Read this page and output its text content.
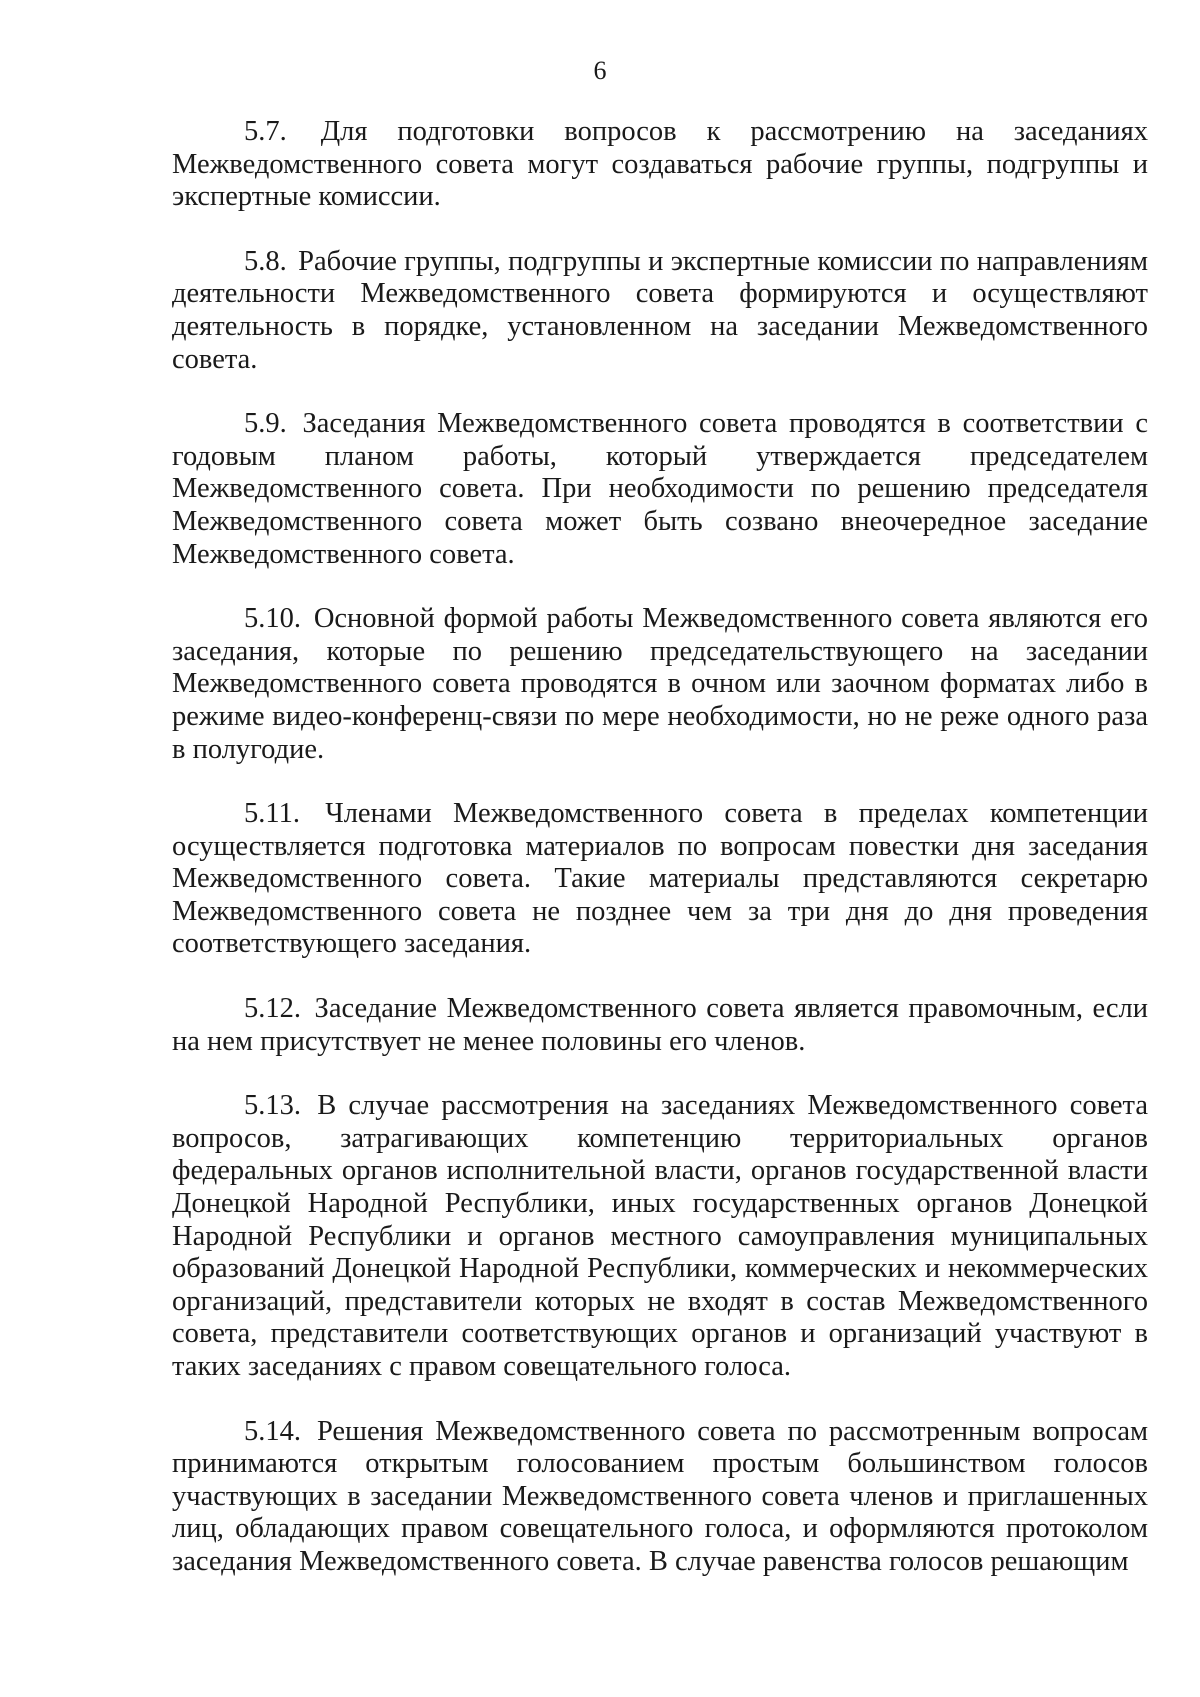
6

5.7. Для подготовки вопросов к рассмотрению на заседаниях Межведомственного совета могут создаваться рабочие группы, подгруппы и экспертные комиссии.

5.8. Рабочие группы, подгруппы и экспертные комиссии по направлениям деятельности Межведомственного совета формируются и осуществляют деятельность в порядке, установленном на заседании Межведомственного совета.

5.9. Заседания Межведомственного совета проводятся в соответствии с годовым планом работы, который утверждается председателем Межведомственного совета. При необходимости по решению председателя Межведомственного совета может быть созвано внеочередное заседание Межведомственного совета.

5.10. Основной формой работы Межведомственного совета являются его заседания, которые по решению председательствующего на заседании Межведомственного совета проводятся в очном или заочном форматах либо в режиме видео-конференц-связи по мере необходимости, но не реже одного раза в полугодие.

5.11. Членами Межведомственного совета в пределах компетенции осуществляется подготовка материалов по вопросам повестки дня заседания Межведомственного совета. Такие материалы представляются секретарю Межведомственного совета не позднее чем за три дня до дня проведения соответствующего заседания.

5.12. Заседание Межведомственного совета является правомочным, если на нем присутствует не менее половины его членов.

5.13. В случае рассмотрения на заседаниях Межведомственного совета вопросов, затрагивающих компетенцию территориальных органов федеральных органов исполнительной власти, органов государственной власти Донецкой Народной Республики, иных государственных органов Донецкой Народной Республики и органов местного самоуправления муниципальных образований Донецкой Народной Республики, коммерческих и некоммерческих организаций, представители которых не входят в состав Межведомственного совета, представители соответствующих органов и организаций участвуют в таких заседаниях с правом совещательного голоса.

5.14. Решения Межведомственного совета по рассмотренным вопросам принимаются открытым голосованием простым большинством голосов участвующих в заседании Межведомственного совета членов и приглашенных лиц, обладающих правом совещательного голоса, и оформляются протоколом заседания Межведомственного совета. В случае равенства голосов решающим
